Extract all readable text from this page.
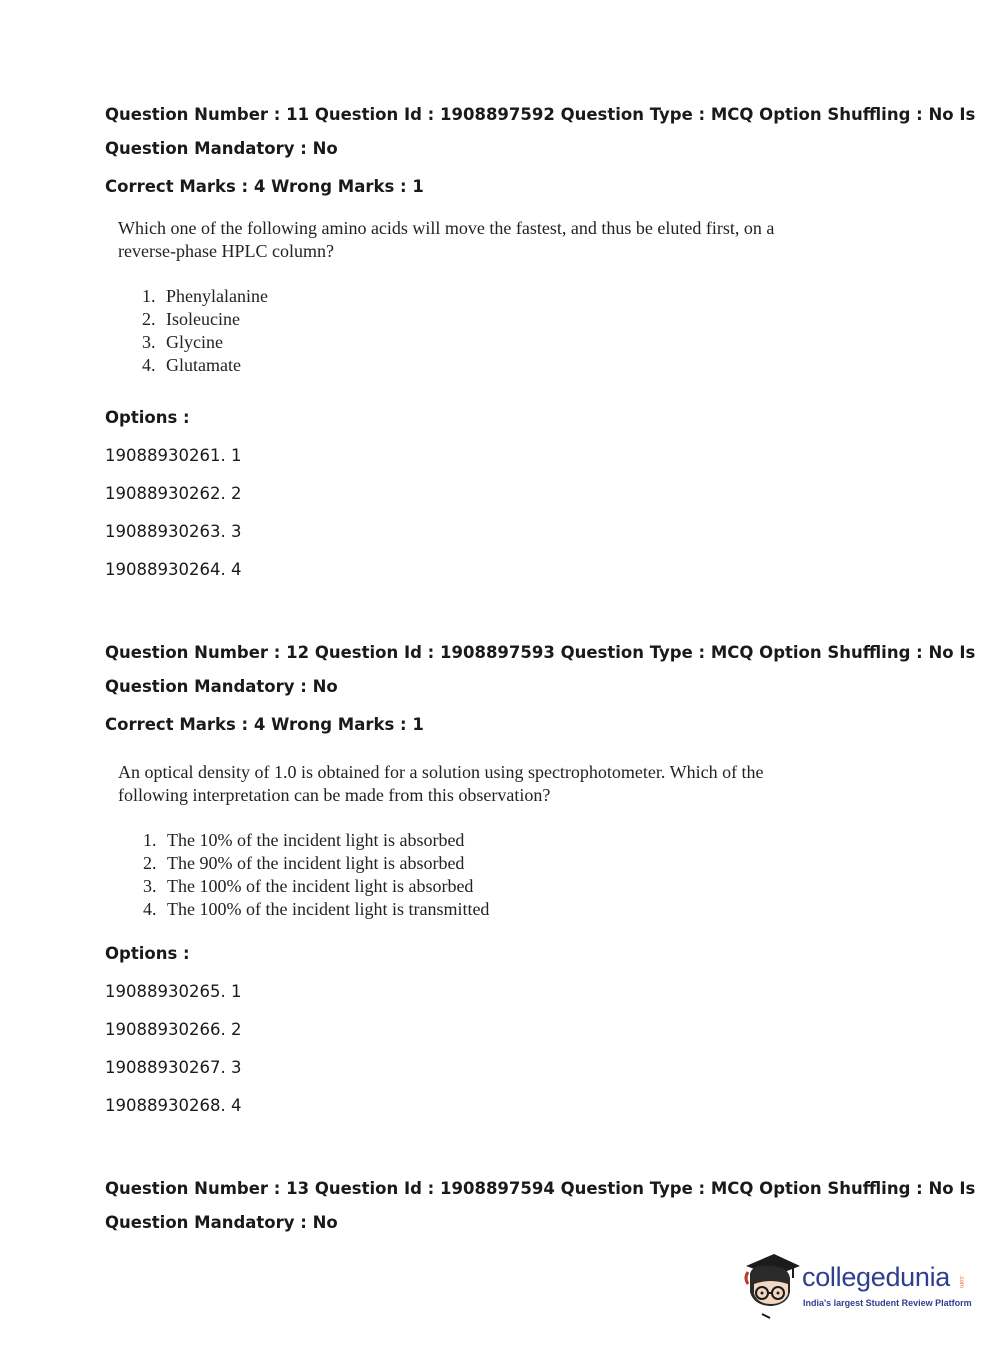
Question Number : 11 Question Id : 1908897592 Question Type : MCQ Option Shuffling : No Is
Question Mandatory : No
Correct Marks : 4 Wrong Marks : 1
Which one of the following amino acids will move the fastest, and thus be eluted first, on a
reverse-phase HPLC column?
1. Phenylalanine
2. Isoleucine
3. Glycine
4. Glutamate
Options :
19088930261. 1
19088930262. 2
19088930263. 3
19088930264. 4
Question Number : 12 Question Id : 1908897593 Question Type : MCQ Option Shuffling : No Is
Question Mandatory : No
Correct Marks : 4 Wrong Marks : 1
An optical density of 1.0 is obtained for a solution using spectrophotometer. Which of the
following interpretation can be made from this observation?
1. The 10% of the incident light is absorbed
2. The 90% of the incident light is absorbed
3. The 100% of the incident light is absorbed
4. The 100% of the incident light is transmitted
Options :
19088930265. 1
19088930266. 2
19088930267. 3
19088930268. 4
Question Number : 13 Question Id : 1908897594 Question Type : MCQ Option Shuffling : No Is
Question Mandatory : No
collegedunia .com
India's largest Student Review Platform
